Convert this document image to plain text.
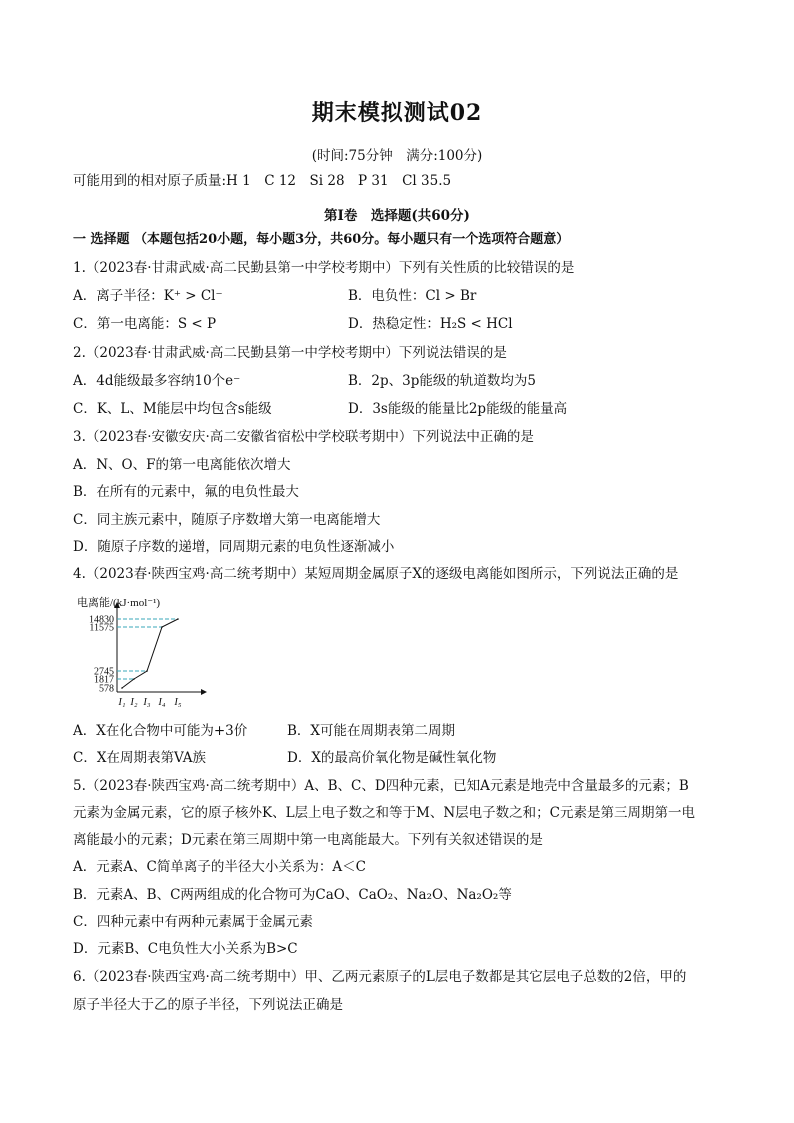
期末模拟测试02
(时间:75分钟　满分:100分)
可能用到的相对原子质量:H 1　C 12　Si 28　P 31　Cl 35.5
第Ⅰ卷　选择题(共60分)
一 选择题 （本题包括20小题，每小题3分，共60分。每小题只有一个选项符合题意）
1.（2023春·甘肃武威·高二民勤县第一中学校考期中）下列有关性质的比较错误的是
A．离子半径：K⁺ > Cl⁻	B．电负性：Cl > Br
C．第一电离能：S < P	D．热稳定性：H₂S < HCl
2.（2023春·甘肃武威·高二民勤县第一中学校考期中）下列说法错误的是
A．4d能级最多容纳10个e⁻	B．2p、3p能级的轨道数均为5
C．K、L、M能层中均包含s能级	D．3s能级的能量比2p能级的能量高
3.（2023春·安徽安庆·高二安徽省宿松中学校联考期中）下列说法中正确的是
A．N、O、F的第一电离能依次增大
B．在所有的元素中，氟的电负性最大
C．同主族元素中，随原子序数增大第一电离能增大
D．随原子序数的递增，同周期元素的电负性逐渐减小
4.（2023春·陕西宝鸡·高二统考期中）某短周期金属原子X的逐级电离能如图所示，下列说法正确的是
电离能/(kJ·mol⁻¹)
578
1817
2745
11575
14830
I₁ I₂ I₃ I₄ I₅
A．X在化合物中可能为+3价	B．X可能在周期表第二周期
C．X在周期表第VA族	D．X的最高价氧化物是碱性氧化物
5.（2023春·陕西宝鸡·高二统考期中）A、B、C、D四种元素，已知A元素是地壳中含量最多的元素；B
元素为金属元素，它的原子核外K、L层上电子数之和等于M、N层电子数之和；C元素是第三周期第一电
离能最小的元素；D元素在第三周期中第一电离能最大。下列有关叙述错误的是
A．元素A、C简单离子的半径大小关系为：A＜C
B．元素A、B、C两两组成的化合物可为CaO、CaO₂、Na₂O、Na₂O₂等
C．四种元素中有两种元素属于金属元素
D．元素B、C电负性大小关系为B>C
6.（2023春·陕西宝鸡·高二统考期中）甲、乙两元素原子的L层电子数都是其它层电子总数的2倍，甲的
原子半径大于乙的原子半径，下列说法正确是
